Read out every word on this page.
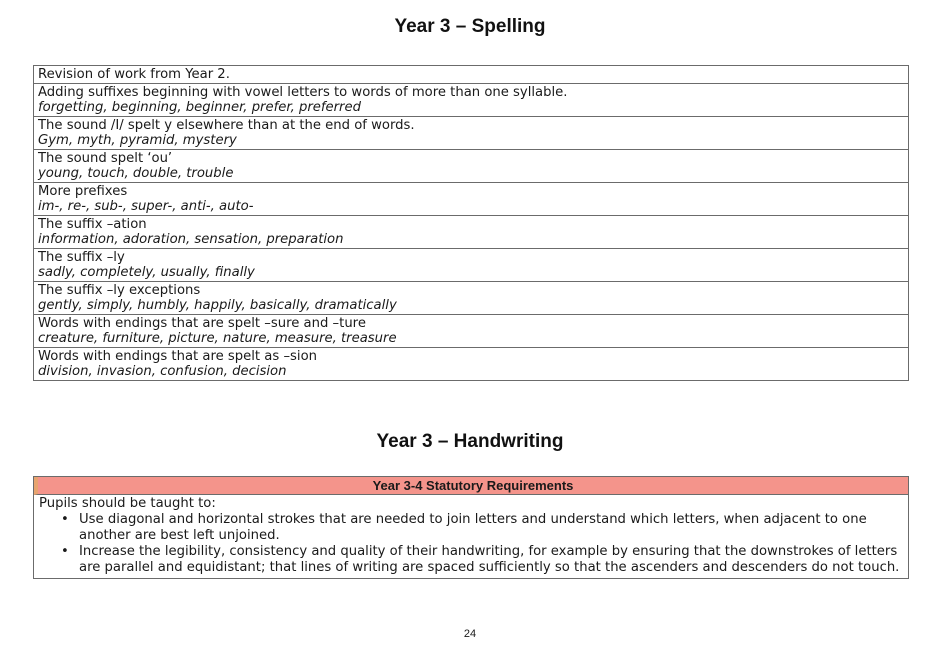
Year 3 – Spelling
Revision of work from Year 2.

Adding suffixes beginning with vowel letters to words of more than one syllable.
forgetting, beginning, beginner, prefer, preferred

The sound /I/ spelt y elsewhere than at the end of words.
Gym, myth, pyramid, mystery

The sound spelt ‘ou’
young, touch, double, trouble

More prefixes
im-, re-, sub-, super-, anti-, auto-

The suffix –ation
information, adoration, sensation, preparation

The suffix –ly
sadly, completely, usually, finally

The suffix –ly exceptions
gently, simply, humbly, happily, basically, dramatically

Words with endings that are spelt –sure and –ture
creature, furniture, picture, nature, measure, treasure

Words with endings that are spelt as –sion
division, invasion, confusion, decision
Year 3 – Handwriting
Year 3-4 Statutory Requirements
Pupils should be taught to:
• Use diagonal and horizontal strokes that are needed to join letters and understand which letters, when adjacent to one another are best left unjoined.
• Increase the legibility, consistency and quality of their handwriting, for example by ensuring that the downstrokes of letters are parallel and equidistant; that lines of writing are spaced sufficiently so that the ascenders and descenders do not touch.
24
